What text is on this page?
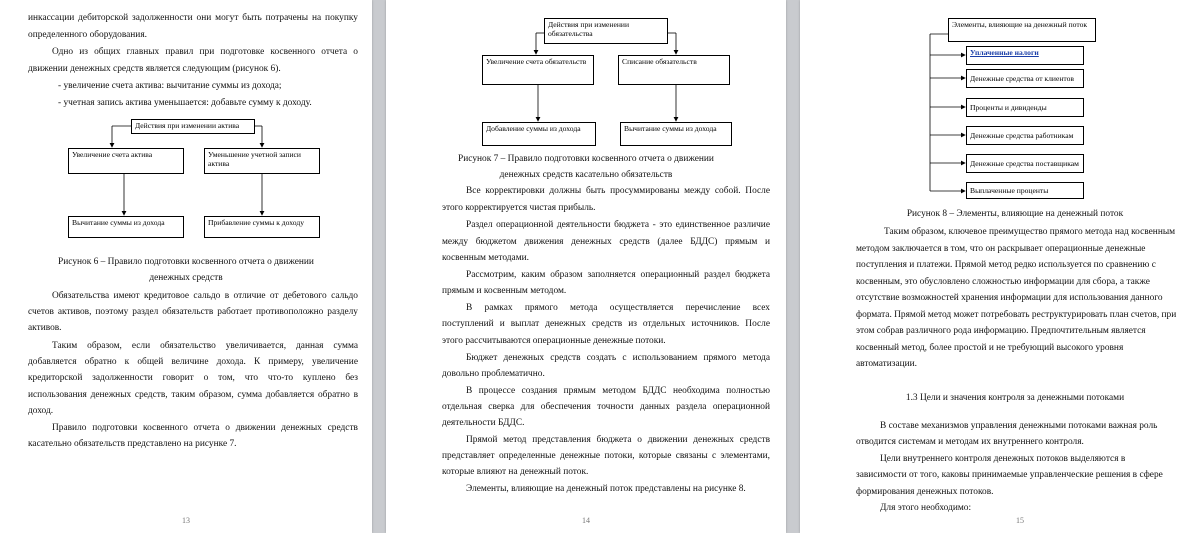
инкассации дебиторской задолженности они могут быть потрачены на покупку

определенного оборудования.

Одно из общих главных правил при подготовке косвенного отчета о

движении денежных средств является следующим (рисунок 6).

- увеличение счета актива: вычитание суммы из дохода;

- учетная запись актива уменьшается: добавьте сумму к доходу.

Действия при изменении актива
Увеличение счета актива	Уменьшение учетной записи актива
Вычитание суммы из дохода	Прибавление суммы к доходу

Рисунок 6 – Правило подготовки косвенного отчета о движении

денежных средств

Обязательства имеют кредитовое сальдо в отличие от дебетового сальдо

счетов активов, поэтому раздел обязательств работает противоположно разделу

активов.

Таким образом, если обязательство увеличивается, данная сумма

добавляется обратно к общей величине дохода. К примеру, увеличение

кредиторской задолженности говорит о том, что что-то куплено без

использования денежных средств, таким образом, сумма добавляется обратно в

доход.

Правило подготовки косвенного отчета о движении денежных средств

касательно обязательств представлено на рисунке 7.

13
Действия при изменении обязательства
Увеличение счета обязательств	Списание обязательств
Добавление суммы из дохода	Вычитание суммы из дохода

Рисунок 7 – Правило подготовки косвенного отчета о движении

денежных средств касательно обязательств

Все корректировки должны быть просуммированы между собой. После

этого корректируется чистая прибыль.

Раздел операционной деятельности бюджета - это единственное различие

между бюджетом движения денежных средств (далее БДДС) прямым и

косвенным методами.

Рассмотрим, каким образом заполняется операционный раздел бюджета

прямым и косвенным методом.

В рамках прямого метода осуществляется перечисление всех

поступлений и выплат денежных средств из отдельных источников. После

этого рассчитываются операционные денежные потоки.

Бюджет денежных средств создать с использованием прямого метода

довольно проблематично.

В процессе создания прямым методом БДДС необходима полностью

отдельная сверка для обеспечения точности данных раздела операционной

деятельности БДДС.

Прямой метод представления бюджета о движении денежных средств

представляет определенные денежные потоки, которые связаны с элементами,

которые влияют на денежный поток.

Элементы, влияющие на денежный поток представлены на рисунке 8.

14
Элементы, влияющие на денежный поток
Уплаченные налоги
Денежные средства от клиентов
Проценты и дивиденды
Денежные средства работникам
Денежные средства поставщикам
Выплаченные проценты

Рисунок 8 – Элементы, влияющие на денежный поток

Таким образом, ключевое преимущество прямого метода над косвенным

методом заключается в том, что он раскрывает операционные денежные

поступления и платежи. Прямой метод редко используется по сравнению с

косвенным, это обусловлено сложностью информации для сбора, а также

отсутствие возможностей хранения информации для использования данного

формата. Прямой метод может потребовать реструктурировать план счетов, при

этом собрав различного рода информацию. Предпочтительным является

косвенный метод, более простой и не требующий высокого уровня

автоматизации.

1.3 Цели и значения контроля за денежными потоками

В составе механизмов управления денежными потоками важная роль

отводится системам и методам их внутреннего контроля.

Цели внутреннего контроля денежных потоков выделяются в

зависимости от того, каковы принимаемые управленческие решения в сфере

формирования денежных потоков.

Для этого необходимо:

15
